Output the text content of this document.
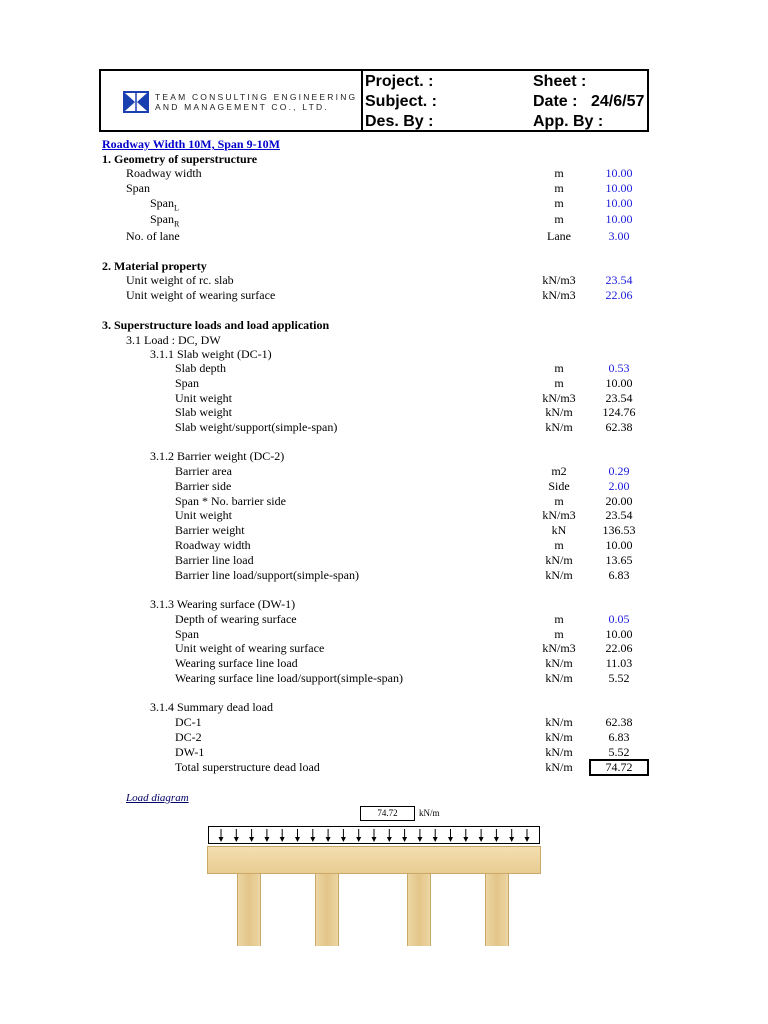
TEAM CONSULTING ENGINEERING
AND MANAGEMENT CO., LTD.
Project. :
Subject. :
Des. By :
Sheet :
Date : 24/6/57
App. By :
Roadway Width 10M, Span 9-10M
1. Geometry of superstructure
Roadway width	m	10.00
Span	m	10.00
Span$_L$	m	10.00
Span$_R$	m	10.00
No. of lane	Lane	3.00
2. Material property
Unit weight of rc. slab	kN/m3	23.54
Unit weight of wearing surface	kN/m3	22.06
3. Superstructure loads and load application
3.1 Load : DC, DW
3.1.1 Slab weight (DC-1)
Slab depth	m	0.53
Span	m	10.00
Unit weight	kN/m3	23.54
Slab weight	kN/m	124.76
Slab weight/support(simple-span)	kN/m	62.38
3.1.2 Barrier weight (DC-2)
Barrier area	m2	0.29
Barrier side	Side	2.00
Span * No. barrier side	m	20.00
Unit weight	kN/m3	23.54
Barrier weight	kN	136.53
Roadway width	m	10.00
Barrier line load	kN/m	13.65
Barrier line load/support(simple-span)	kN/m	6.83
3.1.3 Wearing surface (DW-1)
Depth of wearing surface	m	0.05
Span	m	10.00
Unit weight of wearing surface	kN/m3	22.06
Wearing surface line load	kN/m	11.03
Wearing surface line load/support(simple-span)	kN/m	5.52
3.1.4 Summary dead load
DC-1	kN/m	62.38
DC-2	kN/m	6.83
DW-1	kN/m	5.52
Total superstructure dead load	kN/m	74.72
Load diagram
74.72	kN/m
